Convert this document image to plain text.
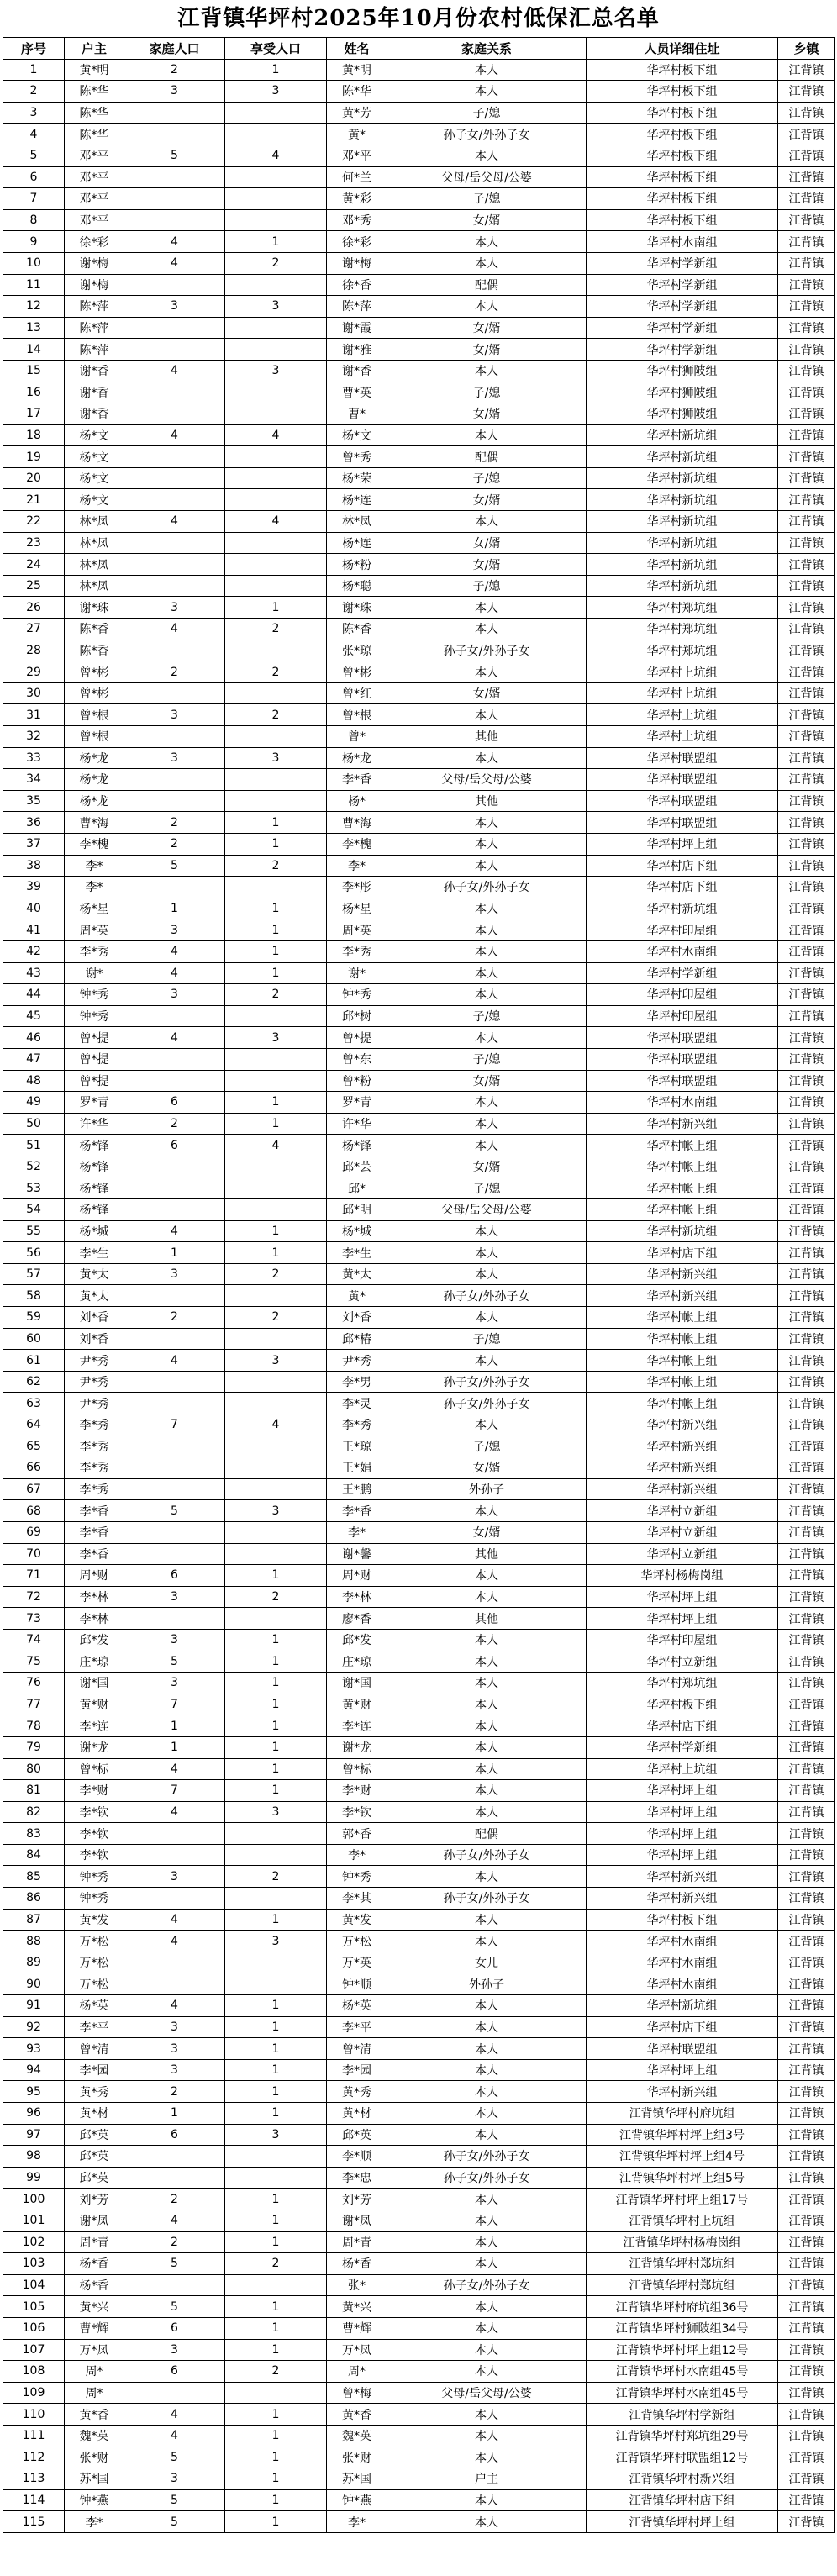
江背镇华坪村2025年10月份农村低保汇总名单
序号	户主	家庭人口	享受人口	姓名	家庭关系	人员详细住址	乡镇
1	黄*明	2	1	黄*明	本人	华坪村板下组	江背镇
2	陈*华	3	3	陈*华	本人	华坪村板下组	江背镇
3	陈*华			黄*芳	子/媳	华坪村板下组	江背镇
4	陈*华			黄*	孙子女/外孙子女	华坪村板下组	江背镇
5	邓*平	5	4	邓*平	本人	华坪村板下组	江背镇
6	邓*平			何*兰	父母/岳父母/公婆	华坪村板下组	江背镇
7	邓*平			黄*彩	子/媳	华坪村板下组	江背镇
8	邓*平			邓*秀	女/婿	华坪村板下组	江背镇
9	徐*彩	4	1	徐*彩	本人	华坪村水南组	江背镇
10	谢*梅	4	2	谢*梅	本人	华坪村学新组	江背镇
11	谢*梅			徐*香	配偶	华坪村学新组	江背镇
12	陈*萍	3	3	陈*萍	本人	华坪村学新组	江背镇
13	陈*萍			谢*霞	女/婿	华坪村学新组	江背镇
14	陈*萍			谢*雅	女/婿	华坪村学新组	江背镇
15	谢*香	4	3	谢*香	本人	华坪村狮陂组	江背镇
16	谢*香			曹*英	子/媳	华坪村狮陂组	江背镇
17	谢*香			曹*	女/婿	华坪村狮陂组	江背镇
18	杨*文	4	4	杨*文	本人	华坪村新坑组	江背镇
19	杨*文			曾*秀	配偶	华坪村新坑组	江背镇
20	杨*文			杨*荣	子/媳	华坪村新坑组	江背镇
21	杨*文			杨*连	女/婿	华坪村新坑组	江背镇
22	林*凤	4	4	林*凤	本人	华坪村新坑组	江背镇
23	林*凤			杨*连	女/婿	华坪村新坑组	江背镇
24	林*凤			杨*粉	女/婿	华坪村新坑组	江背镇
25	林*凤			杨*聪	子/媳	华坪村新坑组	江背镇
26	谢*珠	3	1	谢*珠	本人	华坪村郑坑组	江背镇
27	陈*香	4	2	陈*香	本人	华坪村郑坑组	江背镇
28	陈*香			张*琼	孙子女/外孙子女	华坪村郑坑组	江背镇
29	曾*彬	2	2	曾*彬	本人	华坪村上坑组	江背镇
30	曾*彬			曾*红	女/婿	华坪村上坑组	江背镇
31	曾*根	3	2	曾*根	本人	华坪村上坑组	江背镇
32	曾*根			曾*	其他	华坪村上坑组	江背镇
33	杨*龙	3	3	杨*龙	本人	华坪村联盟组	江背镇
34	杨*龙			李*香	父母/岳父母/公婆	华坪村联盟组	江背镇
35	杨*龙			杨*	其他	华坪村联盟组	江背镇
36	曹*海	2	1	曹*海	本人	华坪村联盟组	江背镇
37	李*槐	2	1	李*槐	本人	华坪村坪上组	江背镇
38	李*	5	2	李*	本人	华坪村店下组	江背镇
39	李*			李*彤	孙子女/外孙子女	华坪村店下组	江背镇
40	杨*星	1	1	杨*星	本人	华坪村新坑组	江背镇
41	周*英	3	1	周*英	本人	华坪村印屋组	江背镇
42	李*秀	4	1	李*秀	本人	华坪村水南组	江背镇
43	谢*	4	1	谢*	本人	华坪村学新组	江背镇
44	钟*秀	3	2	钟*秀	本人	华坪村印屋组	江背镇
45	钟*秀			邱*树	子/媳	华坪村印屋组	江背镇
46	曾*提	4	3	曾*提	本人	华坪村联盟组	江背镇
47	曾*提			曾*东	子/媳	华坪村联盟组	江背镇
48	曾*提			曾*粉	女/婿	华坪村联盟组	江背镇
49	罗*青	6	1	罗*青	本人	华坪村水南组	江背镇
50	许*华	2	1	许*华	本人	华坪村新兴组	江背镇
51	杨*锋	6	4	杨*锋	本人	华坪村帐上组	江背镇
52	杨*锋			邱*芸	女/婿	华坪村帐上组	江背镇
53	杨*锋			邱*	子/媳	华坪村帐上组	江背镇
54	杨*锋			邱*明	父母/岳父母/公婆	华坪村帐上组	江背镇
55	杨*城	4	1	杨*城	本人	华坪村新坑组	江背镇
56	李*生	1	1	李*生	本人	华坪村店下组	江背镇
57	黄*太	3	2	黄*太	本人	华坪村新兴组	江背镇
58	黄*太			黄*	孙子女/外孙子女	华坪村新兴组	江背镇
59	刘*香	2	2	刘*香	本人	华坪村帐上组	江背镇
60	刘*香			邱*椿	子/媳	华坪村帐上组	江背镇
61	尹*秀	4	3	尹*秀	本人	华坪村帐上组	江背镇
62	尹*秀			李*男	孙子女/外孙子女	华坪村帐上组	江背镇
63	尹*秀			李*灵	孙子女/外孙子女	华坪村帐上组	江背镇
64	李*秀	7	4	李*秀	本人	华坪村新兴组	江背镇
65	李*秀			王*琼	子/媳	华坪村新兴组	江背镇
66	李*秀			王*娟	女/婿	华坪村新兴组	江背镇
67	李*秀			王*鹏	外孙子	华坪村新兴组	江背镇
68	李*香	5	3	李*香	本人	华坪村立新组	江背镇
69	李*香			李*	女/婿	华坪村立新组	江背镇
70	李*香			谢*馨	其他	华坪村立新组	江背镇
71	周*财	6	1	周*财	本人	华坪村杨梅岗组	江背镇
72	李*林	3	2	李*林	本人	华坪村坪上组	江背镇
73	李*林			廖*香	其他	华坪村坪上组	江背镇
74	邱*发	3	1	邱*发	本人	华坪村印屋组	江背镇
75	庄*琼	5	1	庄*琼	本人	华坪村立新组	江背镇
76	谢*国	3	1	谢*国	本人	华坪村郑坑组	江背镇
77	黄*财	7	1	黄*财	本人	华坪村板下组	江背镇
78	李*连	1	1	李*连	本人	华坪村店下组	江背镇
79	谢*龙	1	1	谢*龙	本人	华坪村学新组	江背镇
80	曾*标	4	1	曾*标	本人	华坪村上坑组	江背镇
81	李*财	7	1	李*财	本人	华坪村坪上组	江背镇
82	李*钦	4	3	李*钦	本人	华坪村坪上组	江背镇
83	李*钦			郭*香	配偶	华坪村坪上组	江背镇
84	李*钦			李*	孙子女/外孙子女	华坪村坪上组	江背镇
85	钟*秀	3	2	钟*秀	本人	华坪村新兴组	江背镇
86	钟*秀			李*其	孙子女/外孙子女	华坪村新兴组	江背镇
87	黄*发	4	1	黄*发	本人	华坪村板下组	江背镇
88	万*松	4	3	万*松	本人	华坪村水南组	江背镇
89	万*松			万*英	女儿	华坪村水南组	江背镇
90	万*松			钟*顺	外孙子	华坪村水南组	江背镇
91	杨*英	4	1	杨*英	本人	华坪村新坑组	江背镇
92	李*平	3	1	李*平	本人	华坪村店下组	江背镇
93	曾*清	3	1	曾*清	本人	华坪村联盟组	江背镇
94	李*园	3	1	李*园	本人	华坪村坪上组	江背镇
95	黄*秀	2	1	黄*秀	本人	华坪村新兴组	江背镇
96	黄*材	1	1	黄*材	本人	江背镇华坪村府坑组	江背镇
97	邱*英	6	3	邱*英	本人	江背镇华坪村坪上组3号	江背镇
98	邱*英			李*顺	孙子女/外孙子女	江背镇华坪村坪上组4号	江背镇
99	邱*英			李*忠	孙子女/外孙子女	江背镇华坪村坪上组5号	江背镇
100	刘*芳	2	1	刘*芳	本人	江背镇华坪村坪上组17号	江背镇
101	谢*凤	4	1	谢*凤	本人	江背镇华坪村上坑组	江背镇
102	周*青	2	1	周*青	本人	江背镇华坪村杨梅岗组	江背镇
103	杨*香	5	2	杨*香	本人	江背镇华坪村郑坑组	江背镇
104	杨*香			张*	孙子女/外孙子女	江背镇华坪村郑坑组	江背镇
105	黄*兴	5	1	黄*兴	本人	江背镇华坪村府坑组36号	江背镇
106	曹*辉	6	1	曹*辉	本人	江背镇华坪村狮陂组34号	江背镇
107	万*凤	3	1	万*凤	本人	江背镇华坪村坪上组12号	江背镇
108	周*	6	2	周*	本人	江背镇华坪村水南组45号	江背镇
109	周*			曾*梅	父母/岳父母/公婆	江背镇华坪村水南组45号	江背镇
110	黄*香	4	1	黄*香	本人	江背镇华坪村学新组	江背镇
111	魏*英	4	1	魏*英	本人	江背镇华坪村郑坑组29号	江背镇
112	张*财	5	1	张*财	本人	江背镇华坪村联盟组12号	江背镇
113	苏*国	3	1	苏*国	户主	江背镇华坪村新兴组	江背镇
114	钟*燕	5	1	钟*燕	本人	江背镇华坪村店下组	江背镇
115	李*	5	1	李*	本人	江背镇华坪村坪上组	江背镇
